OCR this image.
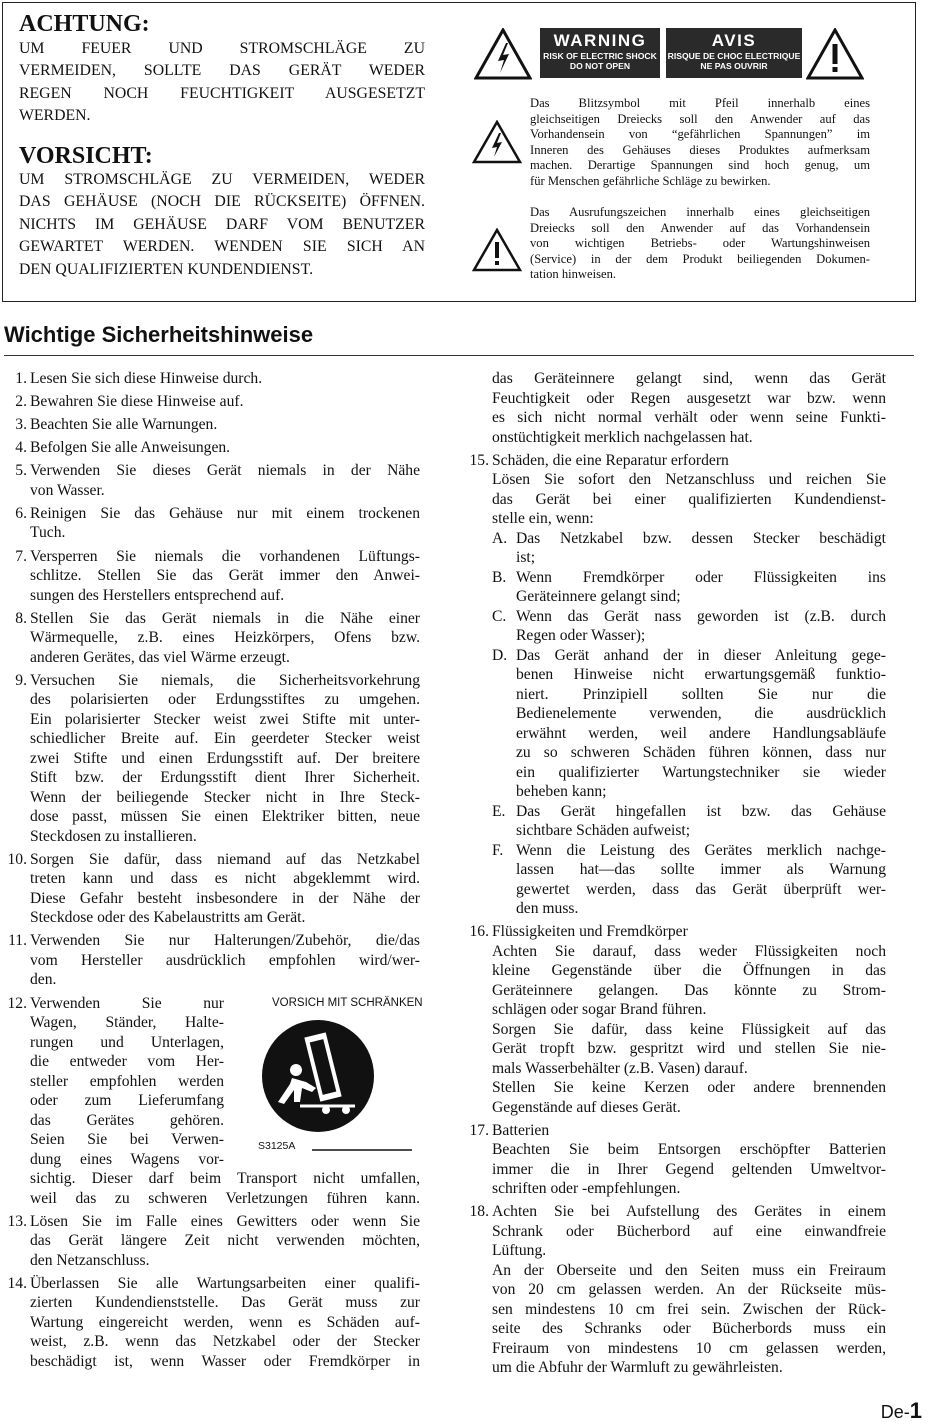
ACHTUNG:
UM FEUER UND STROMSCHLÄGE ZU
VERMEIDEN, SOLLTE DAS GERÄT WEDER
REGEN NOCH FEUCHTIGKEIT AUSGESETZT
WERDEN.
VORSICHT:
UM STROMSCHLÄGE ZU VERMEIDEN, WEDER
DAS GEHÄUSE (NOCH DIE RÜCKSEITE) ÖFFNEN.
NICHTS IM GEHÄUSE DARF VOM BENUTZER
GEWARTET WERDEN. WENDEN SIE SICH AN
DEN QUALIFIZIERTEN KUNDENDIENST.
WARNING
RISK OF ELECTRIC SHOCK
DO NOT OPEN
AVIS
RISQUE DE CHOC ELECTRIQUE
NE PAS OUVRIR
Das Blitzsymbol mit Pfeil innerhalb eines
gleichseitigen Dreiecks soll den Anwender auf das
Vorhandensein von “gefährlichen Spannungen” im
Inneren des Gehäuses dieses Produktes aufmerksam
machen. Derartige Spannungen sind hoch genug, um
für Menschen gefährliche Schläge zu bewirken.
Das Ausrufungszeichen innerhalb eines gleichseitigen
Dreiecks soll den Anwender auf das Vorhandensein
von wichtigen Betriebs- oder Wartungshinweisen
(Service) in der dem Produkt beiliegenden Dokumen-
tation hinweisen.
Wichtige Sicherheitshinweise
1. Lesen Sie sich diese Hinweise durch.
2. Bewahren Sie diese Hinweise auf.
3. Beachten Sie alle Warnungen.
4. Befolgen Sie alle Anweisungen.
5. Verwenden Sie dieses Gerät niemals in der Nähe
von Wasser.
6. Reinigen Sie das Gehäuse nur mit einem trockenen
Tuch.
7. Versperren Sie niemals die vorhandenen Lüftungs-
schlitze. Stellen Sie das Gerät immer den Anwei-
sungen des Herstellers entsprechend auf.
8. Stellen Sie das Gerät niemals in die Nähe einer
Wärmequelle, z.B. eines Heizkörpers, Ofens bzw.
anderen Gerätes, das viel Wärme erzeugt.
9. Versuchen Sie niemals, die Sicherheitsvorkehrung
des polarisierten oder Erdungsstiftes zu umgehen.
Ein polarisierter Stecker weist zwei Stifte mit unter-
schiedlicher Breite auf. Ein geerdeter Stecker weist
zwei Stifte und einen Erdungsstift auf. Der breitere
Stift bzw. der Erdungsstift dient Ihrer Sicherheit.
Wenn der beiliegende Stecker nicht in Ihre Steck-
dose passt, müssen Sie einen Elektriker bitten, neue
Steckdosen zu installieren.
10. Sorgen Sie dafür, dass niemand auf das Netzkabel
treten kann und dass es nicht abgeklemmt wird.
Diese Gefahr besteht insbesondere in der Nähe der
Steckdose oder des Kabelaustritts am Gerät.
11. Verwenden Sie nur Halterungen/Zubehör, die/das
vom Hersteller ausdrücklich empfohlen wird/wer-
den.
12. Verwenden Sie nur
Wagen, Ständer, Halte-
rungen und Unterlagen,
die entweder vom Her-
steller empfohlen werden
oder zum Lieferumfang
das Gerätes gehören.
Seien Sie bei Verwen-
dung eines Wagens vor-
sichtig. Dieser darf beim Transport nicht umfallen,
weil das zu schweren Verletzungen führen kann.
VORSICH MIT SCHRÄNKEN
S3125A
13. Lösen Sie im Falle eines Gewitters oder wenn Sie
das Gerät längere Zeit nicht verwenden möchten,
den Netzanschluss.
14. Überlassen Sie alle Wartungsarbeiten einer qualifi-
zierten Kundendienststelle. Das Gerät muss zur
Wartung eingereicht werden, wenn es Schäden auf-
weist, z.B. wenn das Netzkabel oder der Stecker
beschädigt ist, wenn Wasser oder Fremdkörper in
das Geräteinnere gelangt sind, wenn das Gerät
Feuchtigkeit oder Regen ausgesetzt war bzw. wenn
es sich nicht normal verhält oder wenn seine Funkti-
onstüchtigkeit merklich nachgelassen hat.
15. Schäden, die eine Reparatur erfordern
Lösen Sie sofort den Netzanschluss und reichen Sie
das Gerät bei einer qualifizierten Kundendienst-
stelle ein, wenn:
A. Das Netzkabel bzw. dessen Stecker beschädigt
ist;
B. Wenn Fremdkörper oder Flüssigkeiten ins
Geräteinnere gelangt sind;
C. Wenn das Gerät nass geworden ist (z.B. durch
Regen oder Wasser);
D. Das Gerät anhand der in dieser Anleitung gege-
benen Hinweise nicht erwartungsgemäß funktio-
niert. Prinzipiell sollten Sie nur die
Bedienelemente verwenden, die ausdrücklich
erwähnt werden, weil andere Handlungsabläufe
zu so schweren Schäden führen können, dass nur
ein qualifizierter Wartungstechniker sie wieder
beheben kann;
E. Das Gerät hingefallen ist bzw. das Gehäuse
sichtbare Schäden aufweist;
F. Wenn die Leistung des Gerätes merklich nachge-
lassen hat—das sollte immer als Warnung
gewertet werden, dass das Gerät überprüft wer-
den muss.
16. Flüssigkeiten und Fremdkörper
Achten Sie darauf, dass weder Flüssigkeiten noch
kleine Gegenstände über die Öffnungen in das
Geräteinnere gelangen. Das könnte zu Strom-
schlägen oder sogar Brand führen.
Sorgen Sie dafür, dass keine Flüssigkeit auf das
Gerät tropft bzw. gespritzt wird und stellen Sie nie-
mals Wasserbehälter (z.B. Vasen) darauf.
Stellen Sie keine Kerzen oder andere brennenden
Gegenstände auf dieses Gerät.
17. Batterien
Beachten Sie beim Entsorgen erschöpfter Batterien
immer die in Ihrer Gegend geltenden Umweltvor-
schriften oder -empfehlungen.
18. Achten Sie bei Aufstellung des Gerätes in einem
Schrank oder Bücherbord auf eine einwandfreie
Lüftung.
An der Oberseite und den Seiten muss ein Freiraum
von 20 cm gelassen werden. An der Rückseite müs-
sen mindestens 10 cm frei sein. Zwischen der Rück-
seite des Schranks oder Bücherbords muss ein
Freiraum von mindestens 10 cm gelassen werden,
um die Abfuhr der Warmluft zu gewährleisten.
De-1
